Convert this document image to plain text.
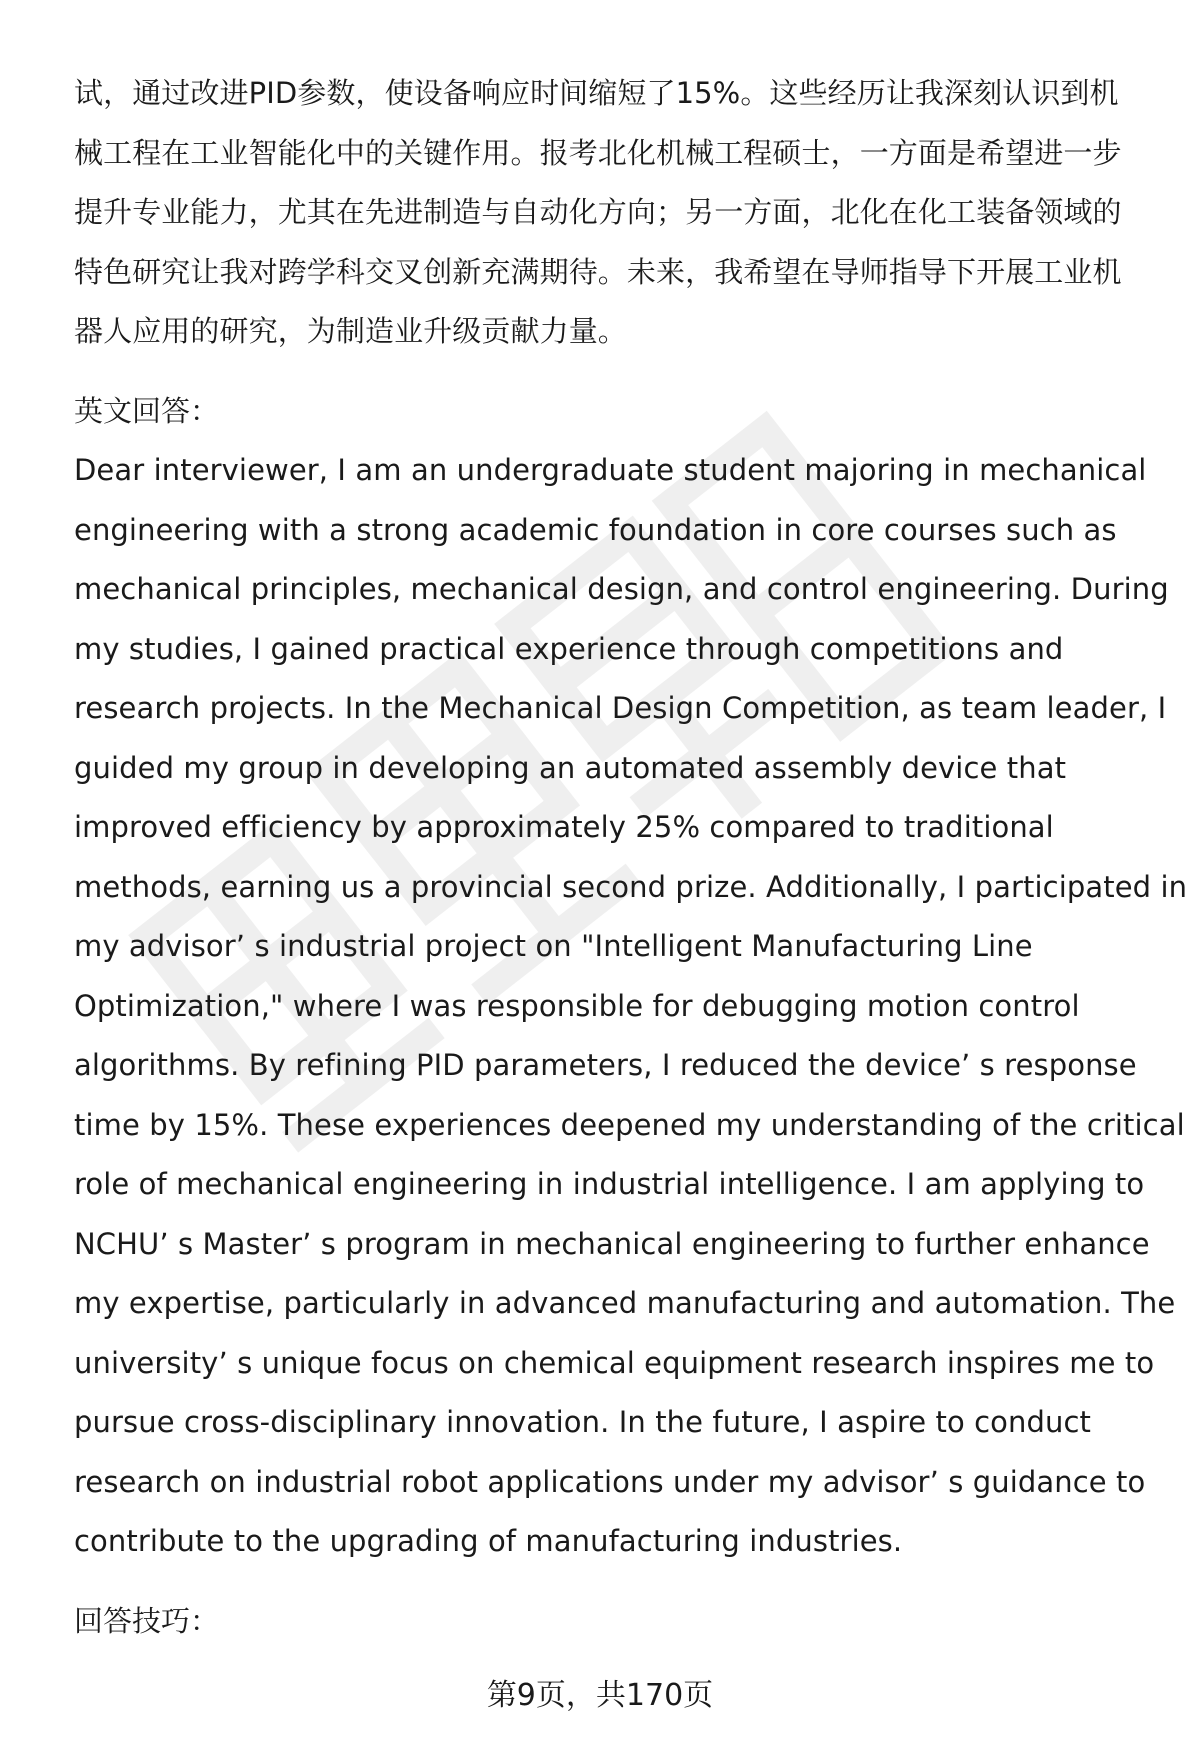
试，通过改进PID参数，使设备响应时间缩短了15%。这些经历让我深刻认识到机
械工程在工业智能化中的关键作用。报考北化机械工程硕士，一方面是希望进一步
提升专业能力，尤其在先进制造与自动化方向；另一方面，北化在化工装备领域的
特色研究让我对跨学科交叉创新充满期待。未来，我希望在导师指导下开展工业机
器人应用的研究，为制造业升级贡献力量。
英文回答：
Dear interviewer, I am an undergraduate student majoring in mechanical
engineering with a strong academic foundation in core courses such as
mechanical principles, mechanical design, and control engineering. During
my studies, I gained practical experience through competitions and
research projects. In the Mechanical Design Competition, as team leader, I
guided my group in developing an automated assembly device that
improved efficiency by approximately 25% compared to traditional
methods, earning us a provincial second prize. Additionally, I participated in
my advisor’ s industrial project on "Intelligent Manufacturing Line
Optimization," where I was responsible for debugging motion control
algorithms. By refining PID parameters, I reduced the device’ s response
time by 15%. These experiences deepened my understanding of the critical
role of mechanical engineering in industrial intelligence. I am applying to
NCHU’ s Master’ s program in mechanical engineering to further enhance
my expertise, particularly in advanced manufacturing and automation. The
university’ s unique focus on chemical equipment research inspires me to
pursue cross-disciplinary innovation. In the future, I aspire to conduct
research on industrial robot applications under my advisor’ s guidance to
contribute to the upgrading of manufacturing industries.
回答技巧：
第9页，共170页
